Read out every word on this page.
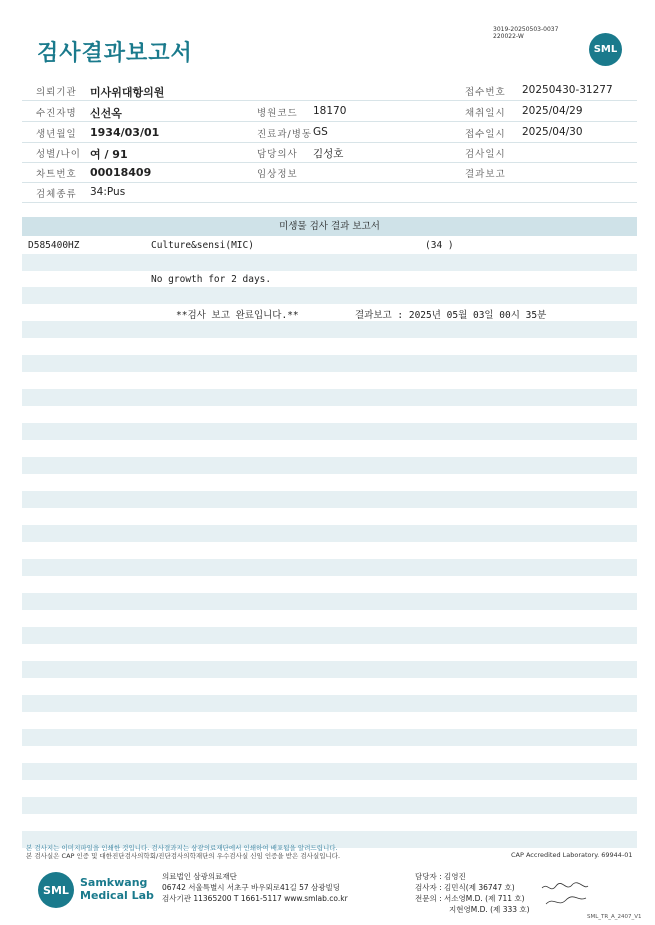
검사결과보고서
3019-20250503-0037
220022-W
SML
의뢰기관 미사위대항의원	접수번호 20250430-31277
수진자명 신선옥	병원코드 18170	채취일시 2025/04/29
생년월일 1934/03/01	진료과/병동 GS	접수일시 2025/04/30
성별/나이 여 / 91	담당의사 김성호	검사일시
차트번호 00018409	임상정보	결과보고
검체종류 34:Pus
미생물 검사 결과 보고서
D585400HZ	Culture&sensi(MIC)	(34 )
No growth for 2 days.
**검사 보고 완료입니다.**	결과보고 : 2025년 05월 03일 00시 35분
본 검사지는 이미지파일을 인쇄한 것입니다. 검사결과지는 삼광의료재단에서 인쇄하여 배포됨을 알려드립니다.
본 검사실은 CAP 인증 및 대한진단검사의학회/진단검사의학재단의 우수검사실 신임 인증을 받은 검사실입니다.	CAP Accredited Laboratory. 69944-01
SML
Samkwang
Medical Lab
의료법인 삼광의료재단
06742 서울특별시 서초구 바우뫼로41길 57 삼광빌딩
검사기관 11365200 T 1661-5117 www.smlab.co.kr
담당자 : 김영진
검사자 : 김민식(제 36747 호)
전문의 : 서소영M.D. (제 711 호)
지현영M.D. (제 333 호)
SML_TR_A_2407_V1
